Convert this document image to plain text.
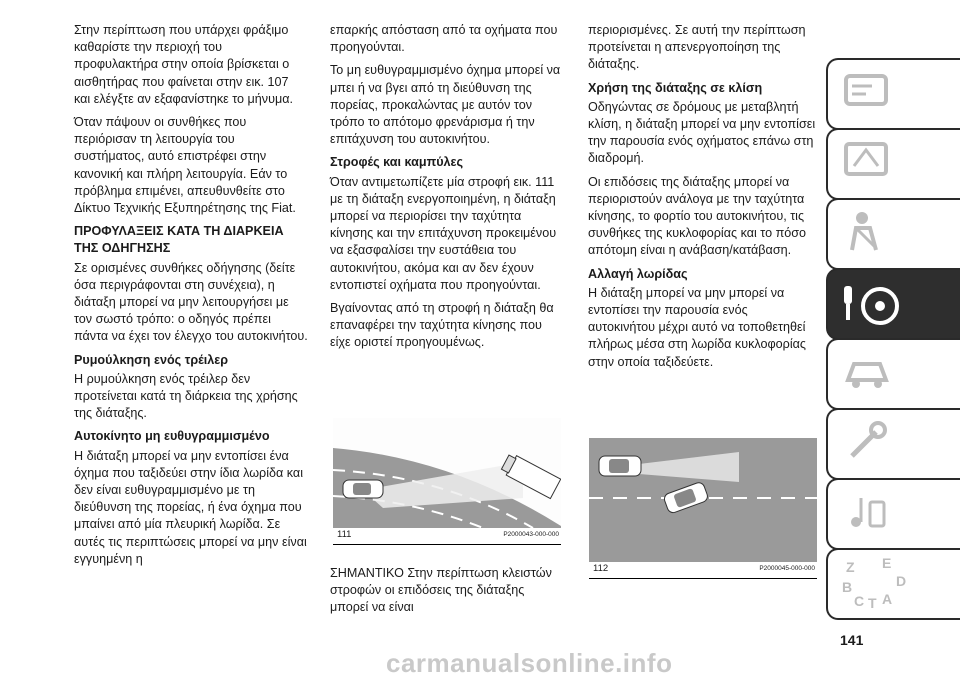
Στην περίπτωση που υπάρχει φράξιμο καθαρίστε την περιοχή του προφυλακτήρα στην οποία βρίσκεται ο αισθητήρας που φαίνεται στην εικ. 107 και ελέγξτε αν εξαφανίστηκε το μήνυμα.

Όταν πάψουν οι συνθήκες που περιόρισαν τη λειτουργία του συστήματος, αυτό επιστρέφει στην κανονική και πλήρη λειτουργία. Εάν το πρόβλημα επιμένει, απευθυνθείτε στο Δίκτυο Τεχνικής Εξυπηρέτησης της Fiat.

ΠΡΟΦΥΛΑΞΕΙΣ ΚΑΤΑ ΤΗ ΔΙΑΡΚΕΙΑ ΤΗΣ ΟΔΗΓΗΣΗΣ

Σε ορισμένες συνθήκες οδήγησης (δείτε όσα περιγράφονται στη συνέχεια), η διάταξη μπορεί να μην λειτουργήσει με τον σωστό τρόπο: ο οδηγός πρέπει πάντα να έχει τον έλεγχο του αυτοκινήτου.

Ρυμούλκηση ενός τρέιλερ

Η ρυμούλκηση ενός τρέιλερ δεν προτείνεται κατά τη διάρκεια της χρήσης της διάταξης.

Αυτοκίνητο μη ευθυγραμμισμένο

Η διάταξη μπορεί να μην εντοπίσει ένα όχημα που ταξιδεύει στην ίδια λωρίδα και δεν είναι ευθυγραμμισμένο με τη διεύθυνση της πορείας, ή ένα όχημα που μπαίνει από μία πλευρική λωρίδα. Σε αυτές τις περιπτώσεις μπορεί να μην είναι εγγυημένη η

επαρκής απόσταση από τα οχήματα που προηγούνται.

Το μη ευθυγραμμισμένο όχημα μπορεί να μπει ή να βγει από τη διεύθυνση της πορείας, προκαλώντας με αυτόν τον τρόπο το απότομο φρενάρισμα ή την επιτάχυνση του αυτοκινήτου.

Στροφές και καμπύλες

Όταν αντιμετωπίζετε μία στροφή εικ. 111 με τη διάταξη ενεργοποιημένη, η διάταξη μπορεί να περιορίσει την ταχύτητα κίνησης και την επιτάχυνση προκειμένου να εξασφαλίσει την ευστάθεια του αυτοκινήτου, ακόμα και αν δεν έχουν εντοπιστεί οχήματα που προηγούνται.

Βγαίνοντας από τη στροφή η διάταξη θα επαναφέρει την ταχύτητα κίνησης που είχε οριστεί προηγουμένως.

ΣΗΜΑΝΤΙΚΟ Στην περίπτωση κλειστών στροφών οι επιδόσεις της διάταξης μπορεί να είναι

111	P2000043-000-000

περιορισμένες. Σε αυτή την περίπτωση προτείνεται η απενεργοποίηση της διάταξης.

Χρήση της διάταξης σε κλίση

Οδηγώντας σε δρόμους με μεταβλητή κλίση, η διάταξη μπορεί να μην εντοπίσει την παρουσία ενός οχήματος επάνω στη διαδρομή.

Οι επιδόσεις της διάταξης μπορεί να περιοριστούν ανάλογα με την ταχύτητα κίνησης, το φορτίο του αυτοκινήτου, τις συνθήκες της κυκλοφορίας και το πόσο απότομη είναι η ανάβαση/κατάβαση.

Αλλαγή λωρίδας

Η διάταξη μπορεί να μην μπορεί να εντοπίσει την παρουσία ενός αυτοκινήτου μέχρι αυτό να τοποθετηθεί πλήρως μέσα στη λωρίδα κυκλοφορίας στην οποία ταξιδεύετε.

112	P2000045-000-000 Z E
B	D
C T A
141
carmanualsonline.info
